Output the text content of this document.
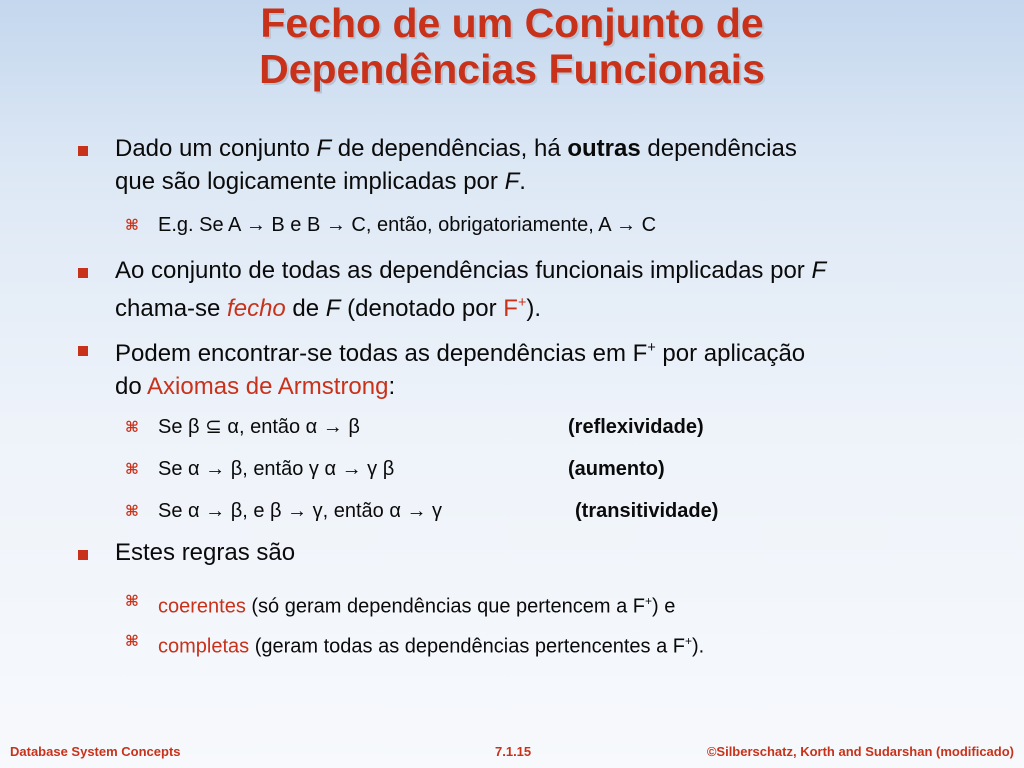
Fecho de um Conjunto de
Dependências Funcionais
Dado um conjunto F de dependências, há outras dependências
que são logicamente implicadas por F.
⌘ E.g. Se A → B e B → C, então, obrigatoriamente, A → C
Ao conjunto de todas as dependências funcionais implicadas por F
chama-se fecho de F (denotado por F+).
Podem encontrar-se todas as dependências em F+ por aplicação
do Axiomas de Armstrong:
⌘ Se β ⊆ α, então α → β	(reflexividade)
⌘ Se α → β, então γ α → γ β	(aumento)
⌘ Se α → β, e β → γ, então α → γ	(transitividade)
Estes regras são
⌘ coerentes (só geram dependências que pertencem a F+) e
⌘ completas (geram todas as dependências pertencentes a F+).
Database System Concepts	7.1.15	©Silberschatz, Korth and Sudarshan (modificado)
